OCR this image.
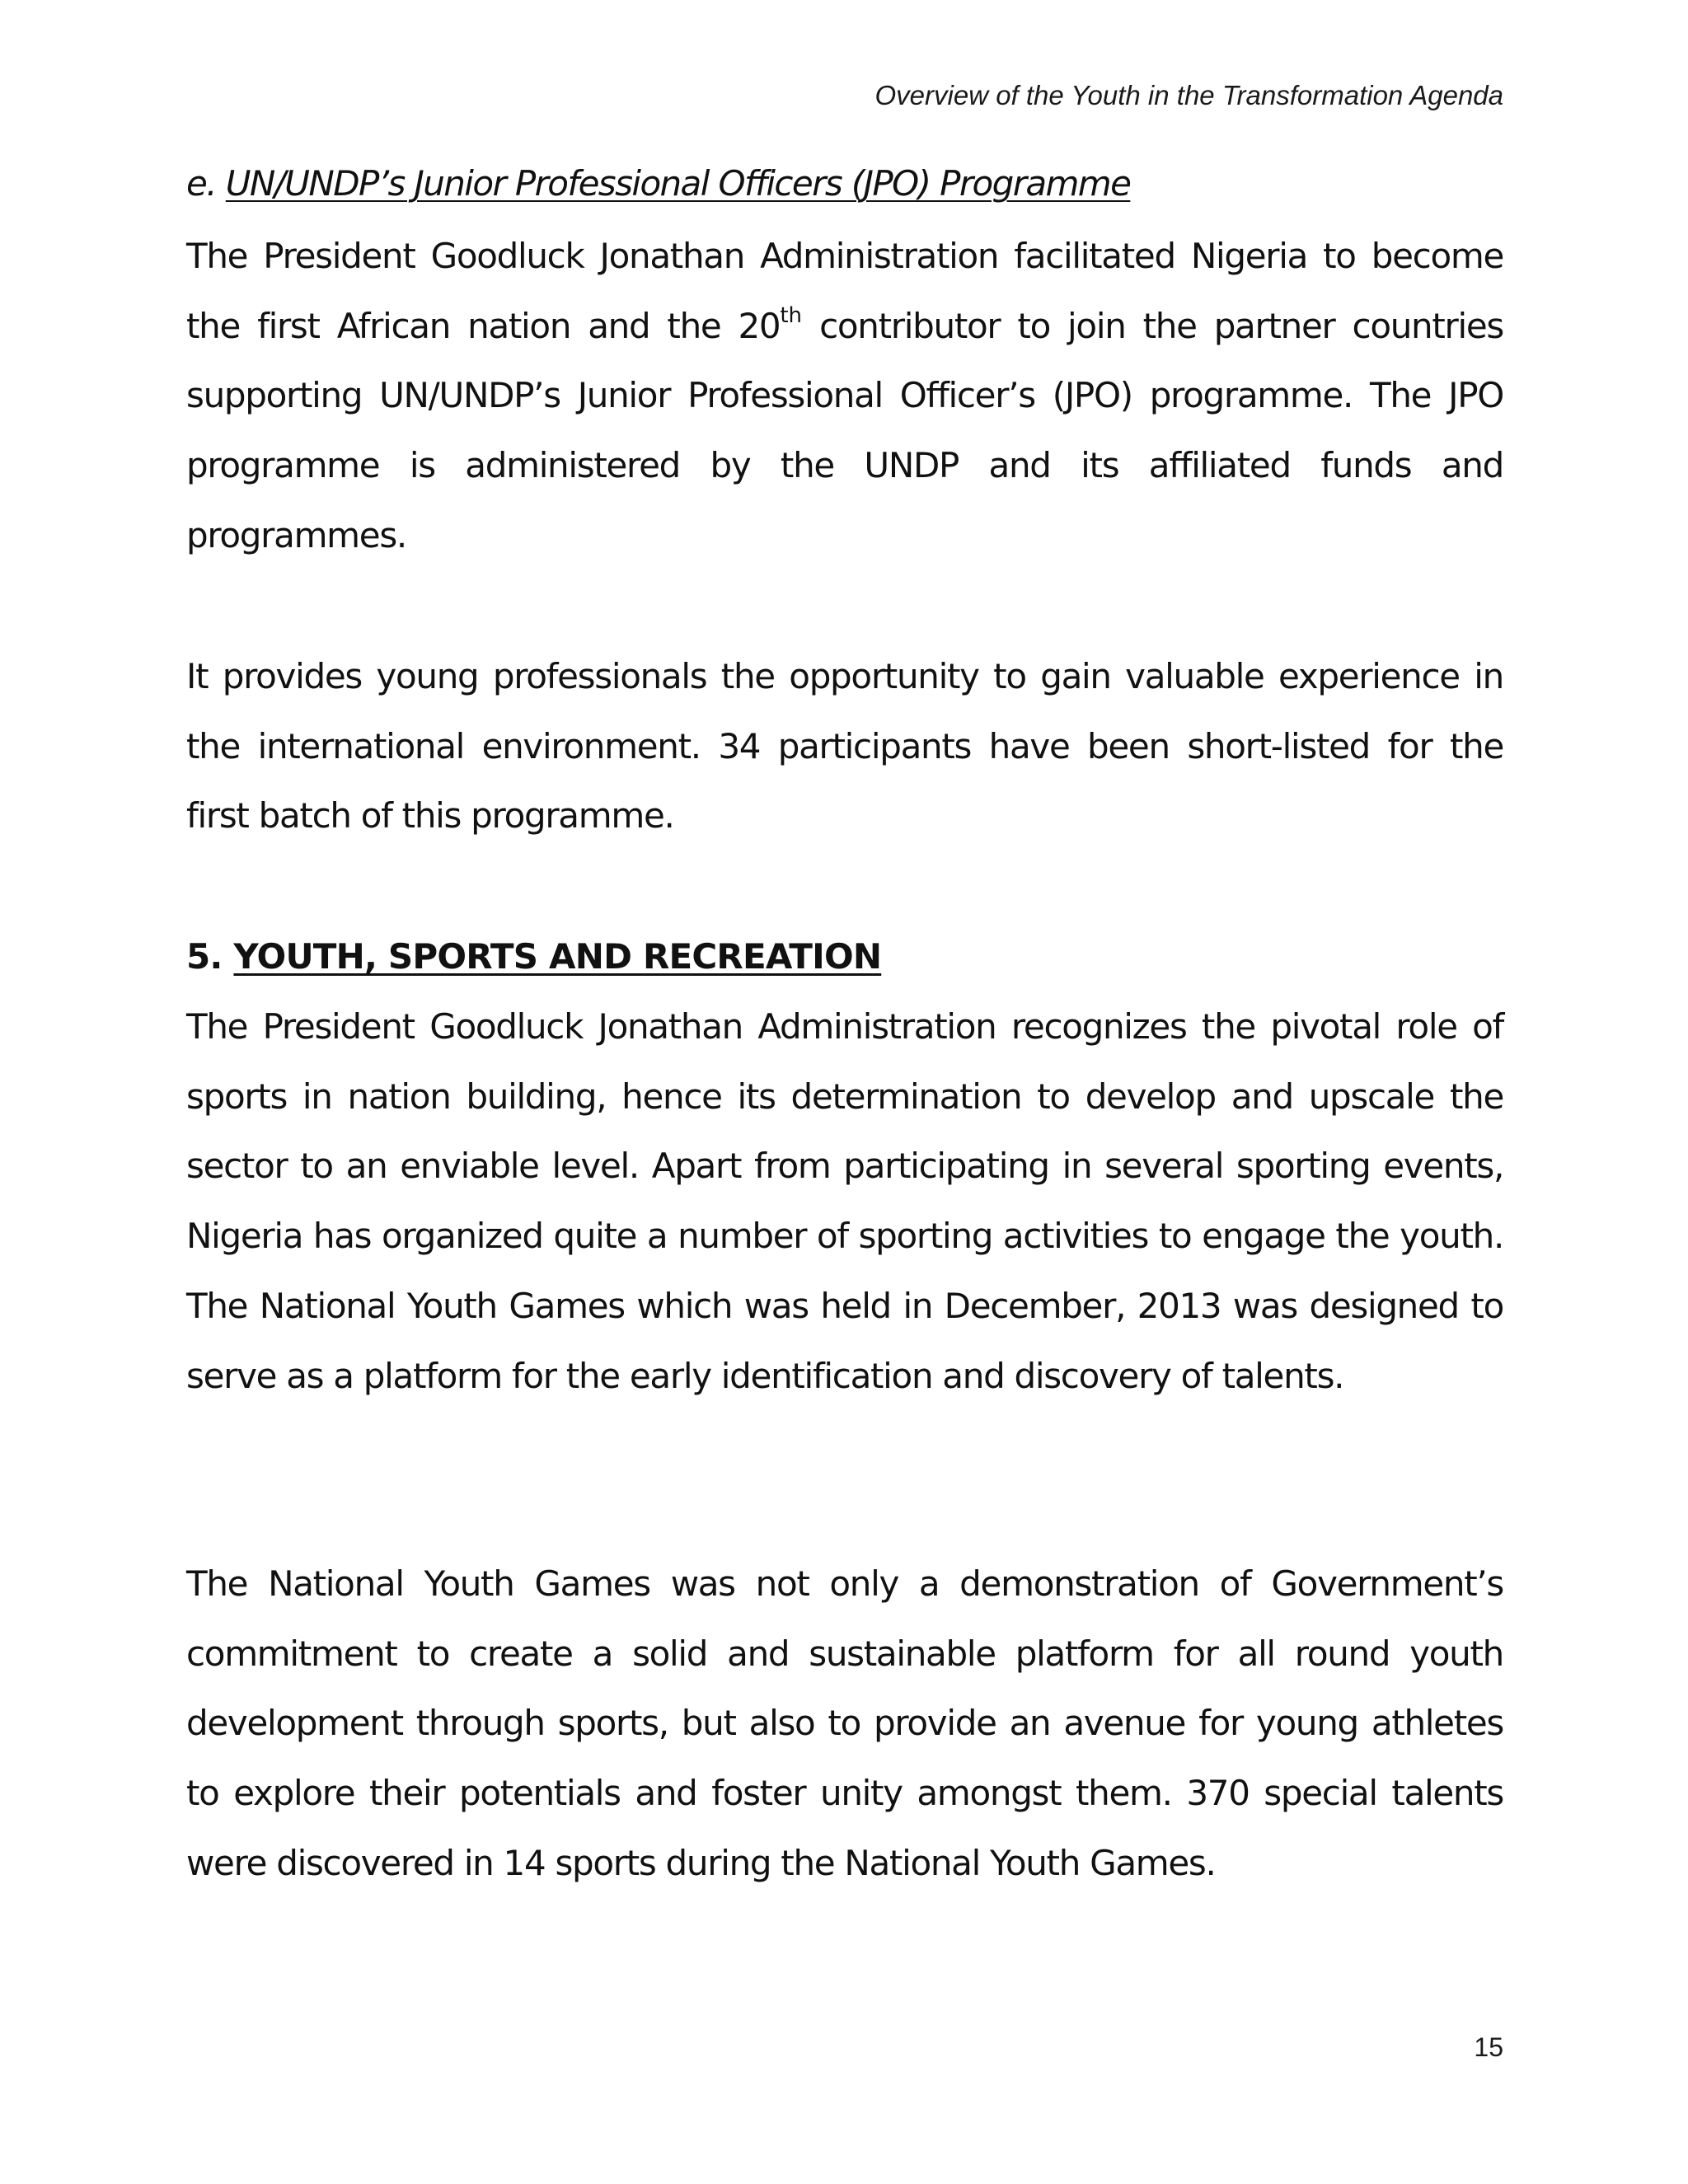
Overview of the Youth in the Transformation Agenda
e. UN/UNDP’s Junior Professional Officers (JPO) Programme

The President Goodluck Jonathan Administration facilitated Nigeria to become the first African nation and the 20th contributor to join the partner countries supporting UN/UNDP’s Junior Professional Officer’s (JPO) programme. The JPO programme is administered by the UNDP and its affiliated funds and programmes.

It provides young professionals the opportunity to gain valuable experience in the international environment. 34 participants have been short-listed for the first batch of this programme.

5. YOUTH, SPORTS AND RECREATION

The President Goodluck Jonathan Administration recognizes the pivotal role of sports in nation building, hence its determination to develop and upscale the sector to an enviable level. Apart from participating in several sporting events, Nigeria has organized quite a number of sporting activities to engage the youth. The National Youth Games which was held in December, 2013 was designed to serve as a platform for the early identification and discovery of talents.

The National Youth Games was not only a demonstration of Government’s commitment to create a solid and sustainable platform for all round youth development through sports, but also to provide an avenue for young athletes to explore their potentials and foster unity amongst them. 370 special talents were discovered in 14 sports during the National Youth Games.

15
